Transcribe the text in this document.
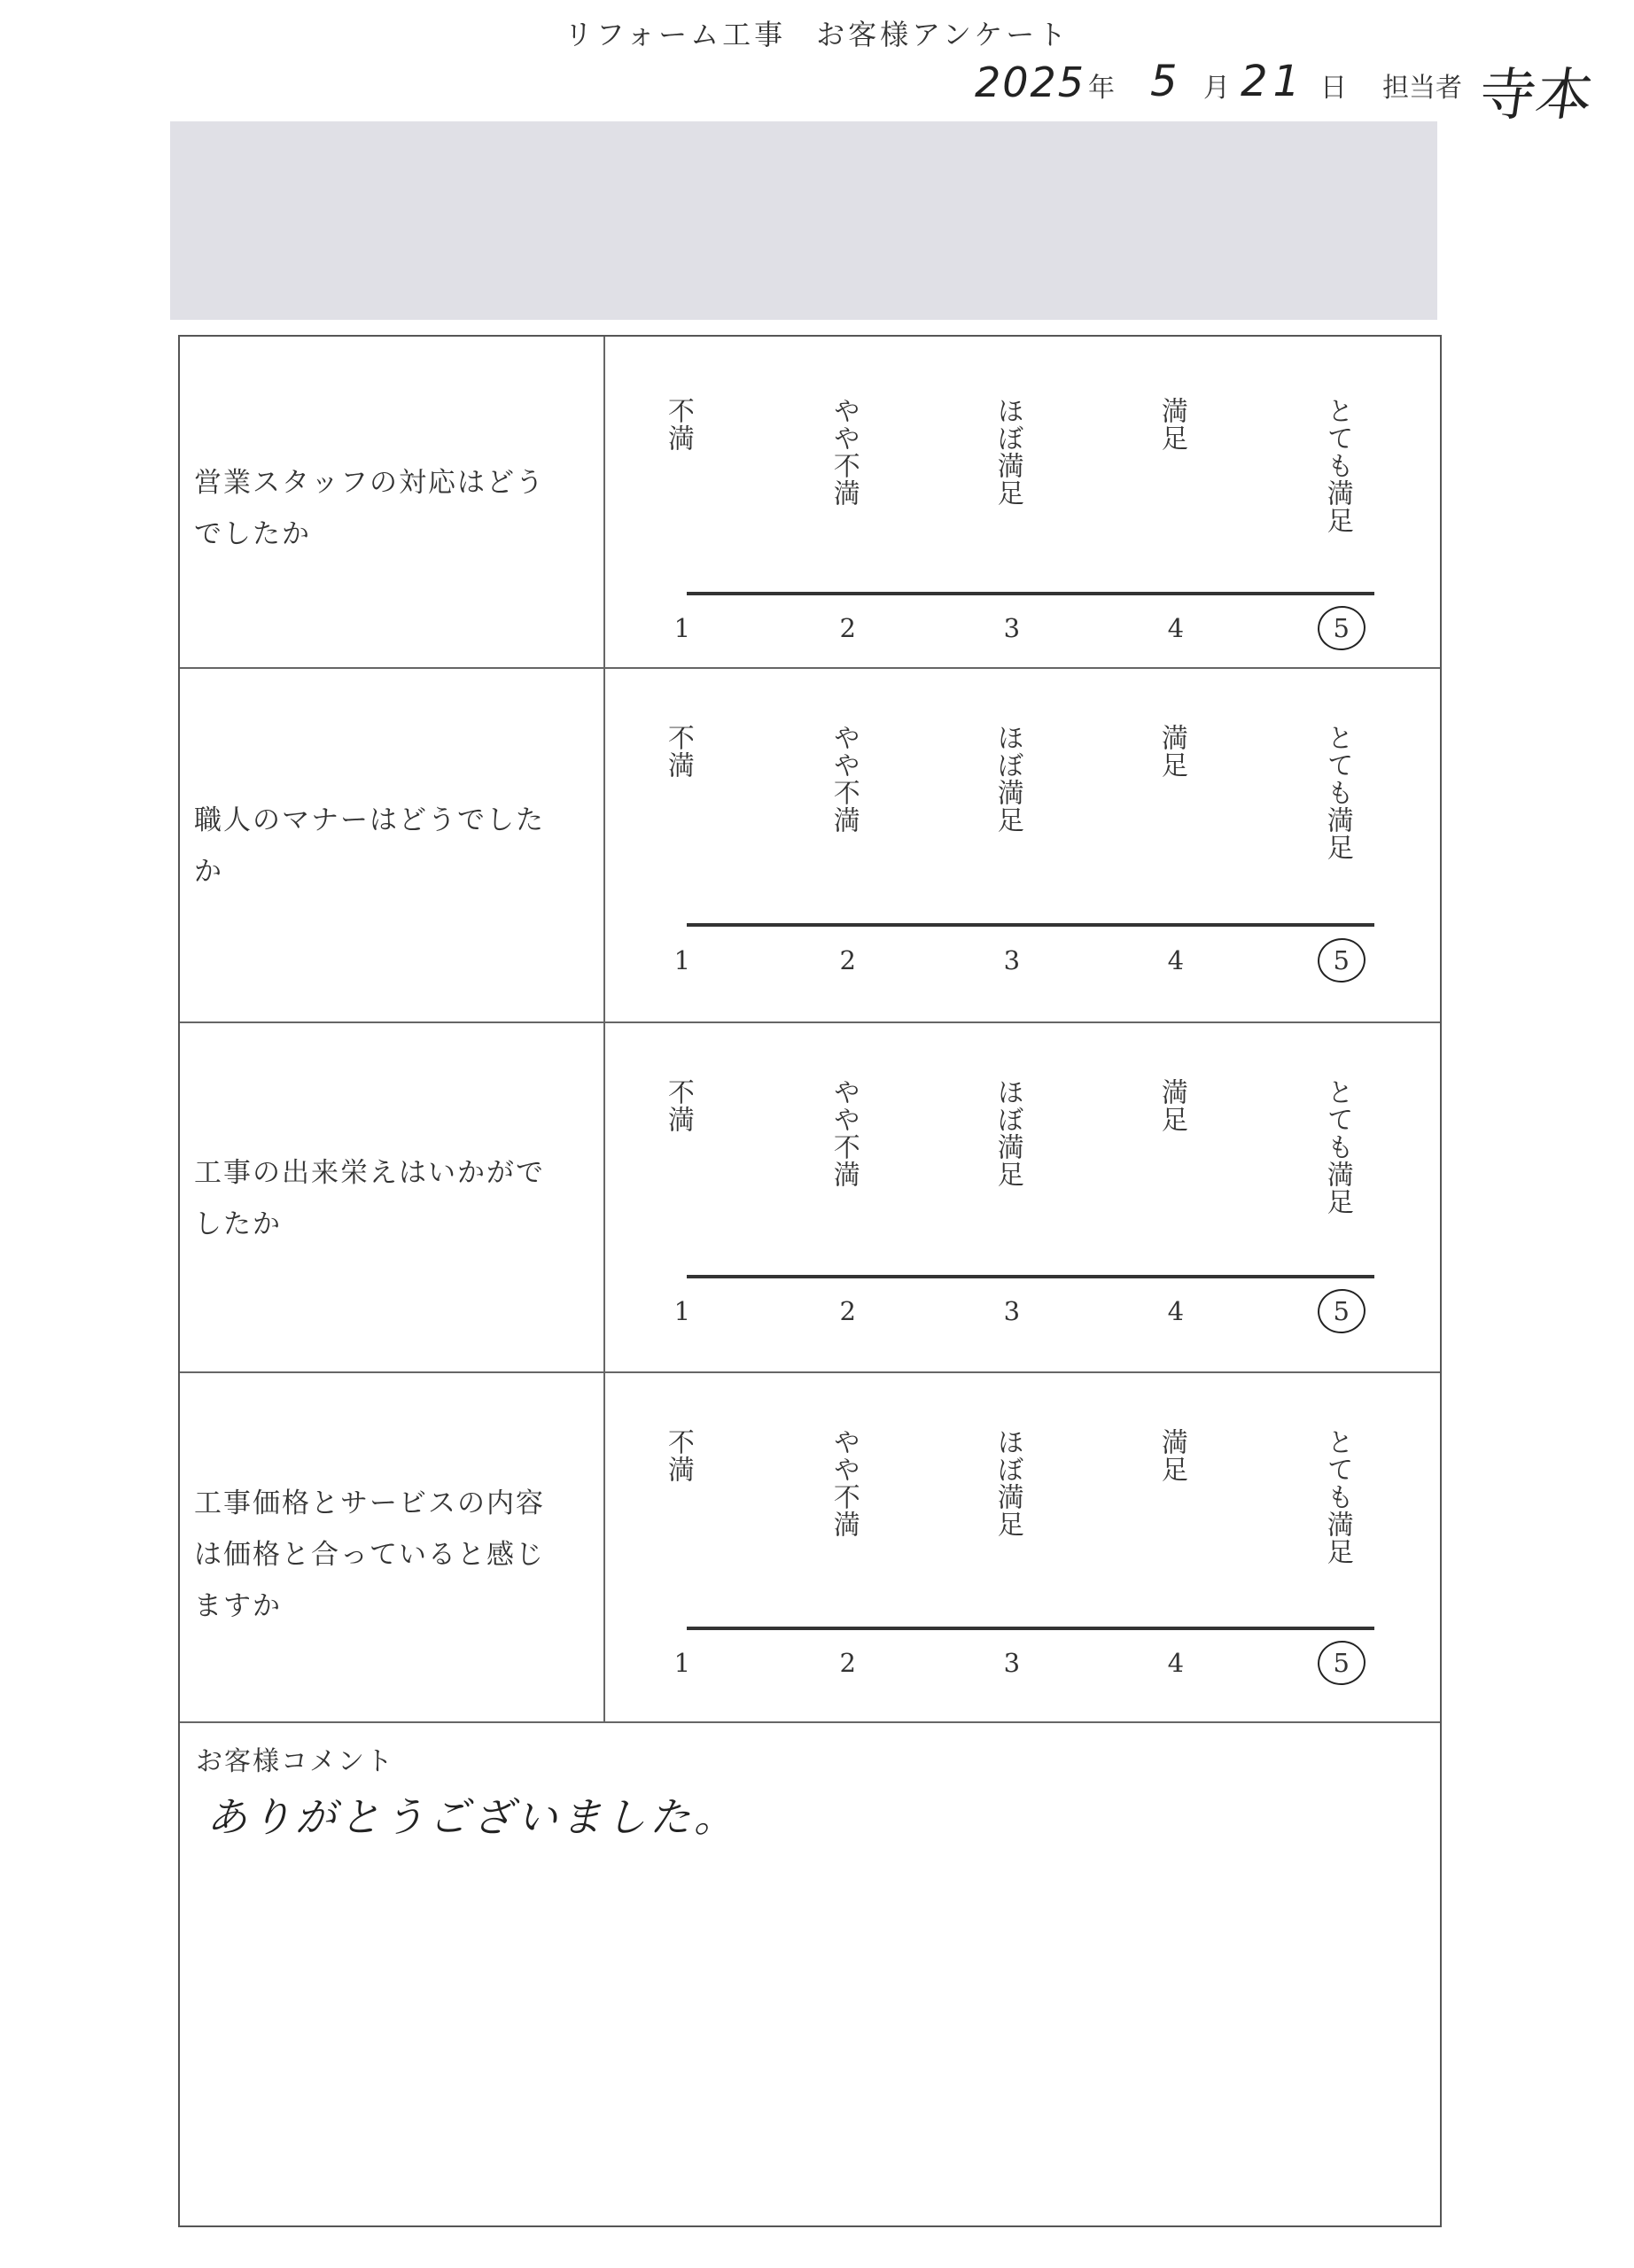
リフォーム工事 お客様アンケート
2025 年 5 月 21 日 担当者 寺本
営業スタッフの対応はどうでしたか
不満	やや不満	ほぼ満足	満足	とても満足
1	2	3	4	5
職人のマナーはどうでしたか
不満	やや不満	ほぼ満足	満足	とても満足
1	2	3	4	5
工事の出来栄えはいかがでしたか
不満	やや不満	ほぼ満足	満足	とても満足
1	2	3	4	5
工事価格とサービスの内容は価格と合っていると感じますか
不満	やや不満	ほぼ満足	満足	とても満足
1	2	3	4	5
お客様コメント
ありがとうございました。
